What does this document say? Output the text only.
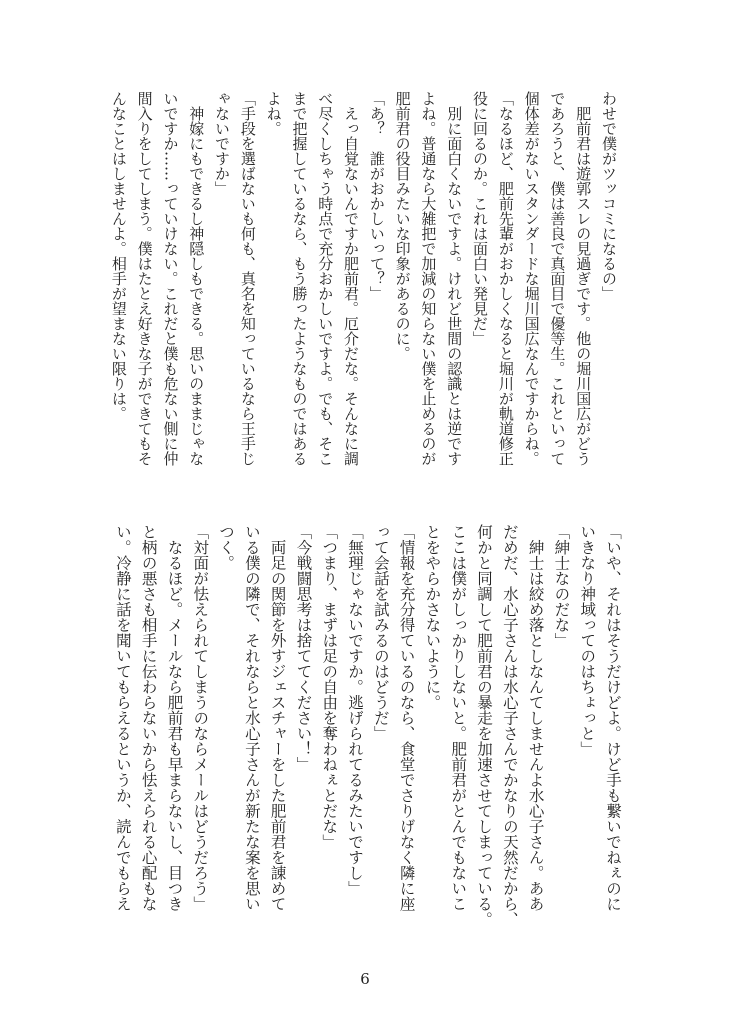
わせで僕がツッコミになるの」
　肥前君は遊郭スレの見過ぎです。他の堀川国広がどう
であろうと、僕は善良で真面目で優等生。これといって
個体差がないスタンダードな堀川国広なんですからね。
「なるほど、肥前先輩がおかしくなると堀川が軌道修正
役に回るのか。これは面白い発見だ」
　別に面白くないですよ。けれど世間の認識とは逆です
よね。普通なら大雑把で加減の知らない僕を止めるのが
肥前君の役目みたいな印象があるのに。
「あ？　誰がおかしいって？」
　えっ自覚ないんですか肥前君。厄介だな。そんなに調
べ尽くしちゃう時点で充分おかしいですよ。でも、そこ
まで把握しているなら、もう勝ったようなものではある
よね。
「手段を選ばないも何も、真名を知っているなら王手じ
ゃないですか」
　神嫁にもできるし神隠しもできる。思いのままじゃな
いですか……っていけない。これだと僕も危ない側に仲
間入りをしてしまう。僕はたとえ好きな子ができてもそ
んなことはしませんよ。相手が望まない限りは。
「いや、それはそうだけどよ。けど手も繋いでねぇのに
いきなり神域ってのはちょっと」
「紳士なのだな」
　紳士は絞め落としなんてしませんよ水心子さん。ああ
だめだ、水心子さんは水心子さんでかなりの天然だから、
何かと同調して肥前君の暴走を加速させてしまっている。
ここは僕がしっかりしないと。肥前君がとんでもないこ
とをやらかさないように。
「情報を充分得ているのなら、食堂でさりげなく隣に座
って会話を試みるのはどうだ」
「無理じゃないですか。逃げられてるみたいですし」
「つまり、まずは足の自由を奪わねぇとだな」
「今戦闘思考は捨ててください！」
　両足の関節を外すジェスチャーをした肥前君を諌めて
いる僕の隣で、それならと水心子さんが新たな案を思い
つく。
「対面が怯えられてしまうのならメールはどうだろう」
　なるほど。メールなら肥前君も早まらないし、目つき
と柄の悪さも相手に伝わらないから怯えられる心配もな
い。冷静に話を聞いてもらえるというか、読んでもらえ
6
